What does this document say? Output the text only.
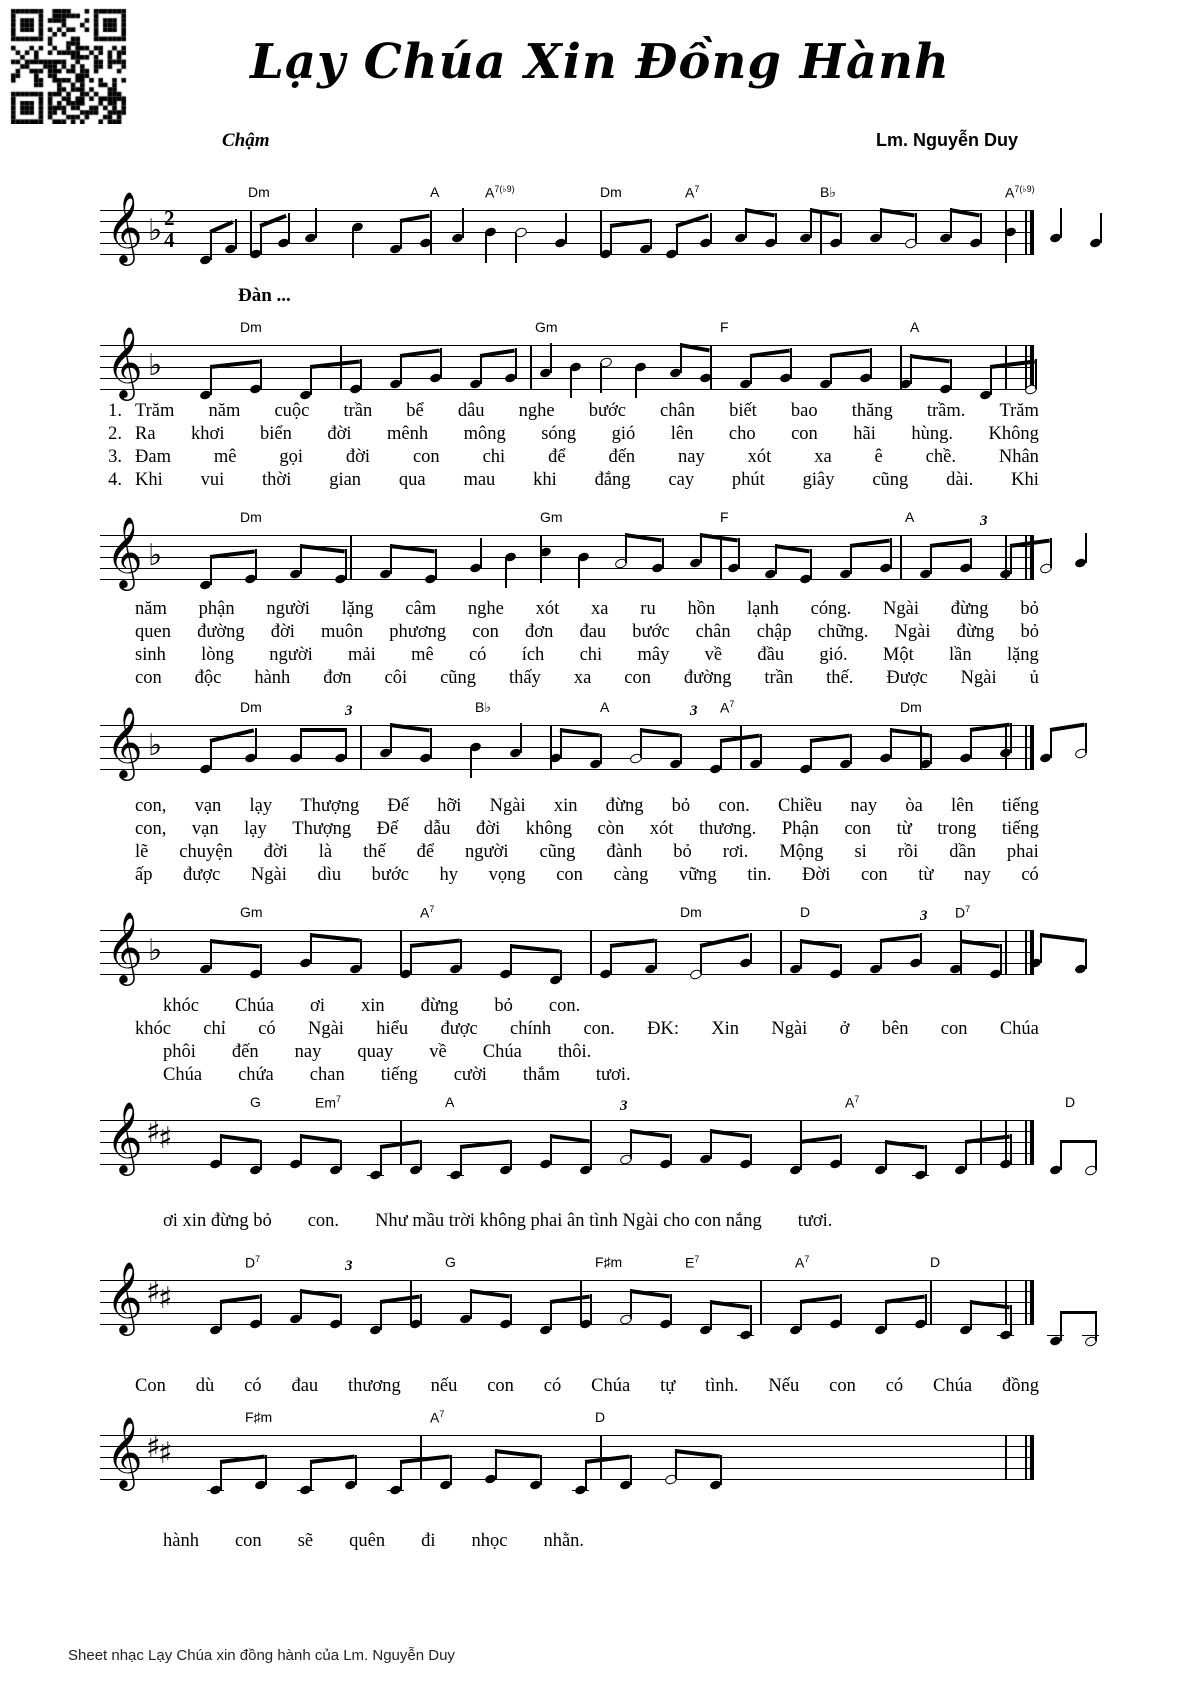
Lạy Chúa Xin Đồng Hành
Chậm	Lm. Nguyễn Duy
Đàn ...
𝄞 ♭ 2
4
Dm	A	$A^{7(♭9)}$	Dm	$A^7$	B♭	$A^{7(♭9)}$
𝄞 ♭
Dm	Gm	F	A
𝄞 ♭
Dm	Gm	F	A	3
𝄞 ♭
Dm	B♭	A	$A^7$	Dm
3	3
𝄞 ♭
Gm	$A^7$	Dm	D	$D^7$
3
𝄞 ♯
♯
G	Em$^7$	A	$A^7$	D
3
𝄞 ♯
♯
$D^7$	G	F♯m	$E^7$	$A^7$	D
3
𝄞 ♯
♯
F♯m	$A^7$	D
1. Trăm năm cuộc trần bể dâu nghe bước chân biết bao thăng trầm. Trăm
2. Ra khơi biển đời mênh mông sóng gió lên cho con hãi hùng. Không
3. Đam mê gọi đời con chi để đến nay xót xa ê chề. Nhân
4. Khi vui thời gian qua mau khi đắng cay phút giây cũng dài. Khi
năm phận người lặng câm nghe xót xa ru hồn lạnh cóng. Ngài đừng bỏ
quen đường đời muôn phương con đơn đau bước chân chập chững. Ngài đừng bỏ
sinh lòng người mải mê có ích chi mây về đầu gió. Một lần lặng
con độc hành đơn côi cũng thấy xa con đường trần thế. Được Ngài ủ
con, vạn lạy Thượng Đế hỡi Ngài xin đừng bỏ con. Chiều nay òa lên tiếng
con, vạn lạy Thượng Đế dẫu đời không còn xót thương. Phận con từ trong tiếng
lẽ chuyện đời là thế để người cũng đành bỏ rơi. Mộng si rồi dần phai
ấp được Ngài dìu bước hy vọng con càng vững tin. Đời con từ nay có
khóc Chúa ơi xin đừng bỏ con.
khóc chỉ có Ngài hiểu được chính con. ĐK: Xin Ngài ở bên con Chúa
phôi đến nay quay về Chúa thôi.
Chúa chứa chan tiếng cười thắm tươi.
ơi xin đừng bỏ con. Như mầu trời không phai ân tình Ngài cho con nắng tươi.
Con dù có đau thương nếu con có Chúa tự tình. Nếu con có Chúa đồng
hành con sẽ quên đi nhọc nhằn.
Sheet nhạc Lạy Chúa xin đồng hành của Lm. Nguyễn Duy
